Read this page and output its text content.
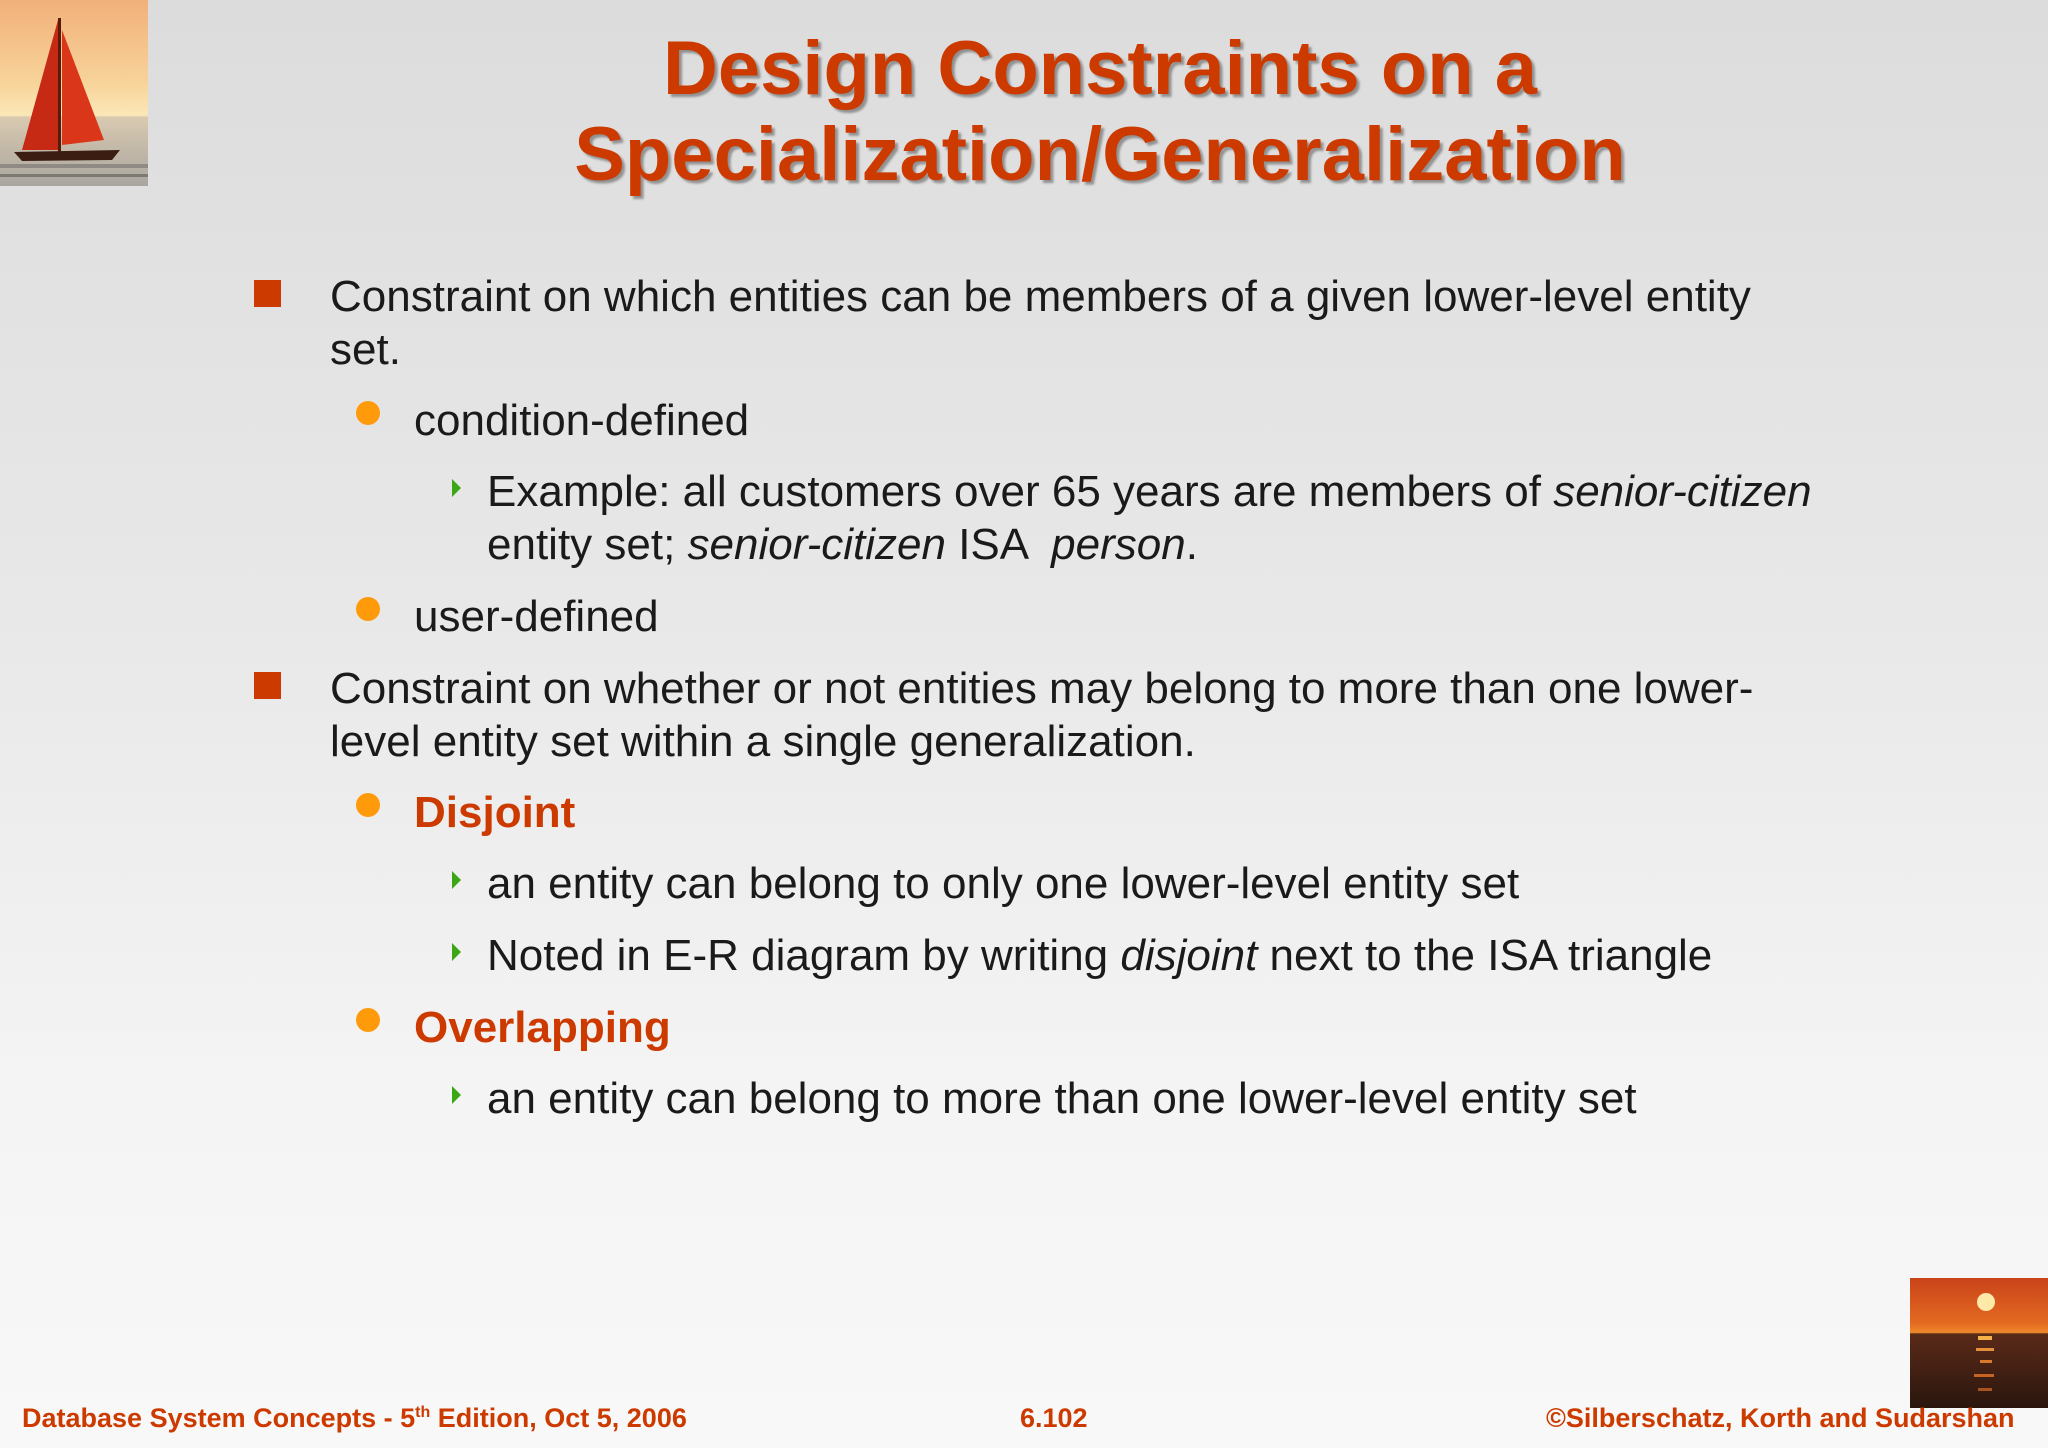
Design Constraints on a
Specialization/Generalization
Constraint on which entities can be members of a given lower-level entity
set.
condition-defined
Example: all customers over 65 years are members of senior-citizen
entity set; senior-citizen ISA  person.
user-defined
Constraint on whether or not entities may belong to more than one lower-
level entity set within a single generalization.
Disjoint
an entity can belong to only one lower-level entity set
Noted in E-R diagram by writing disjoint next to the ISA triangle
Overlapping
an entity can belong to more than one lower-level entity set
Database System Concepts - 5th Edition, Oct 5, 2006	6.102	©Silberschatz, Korth and Sudarshan
